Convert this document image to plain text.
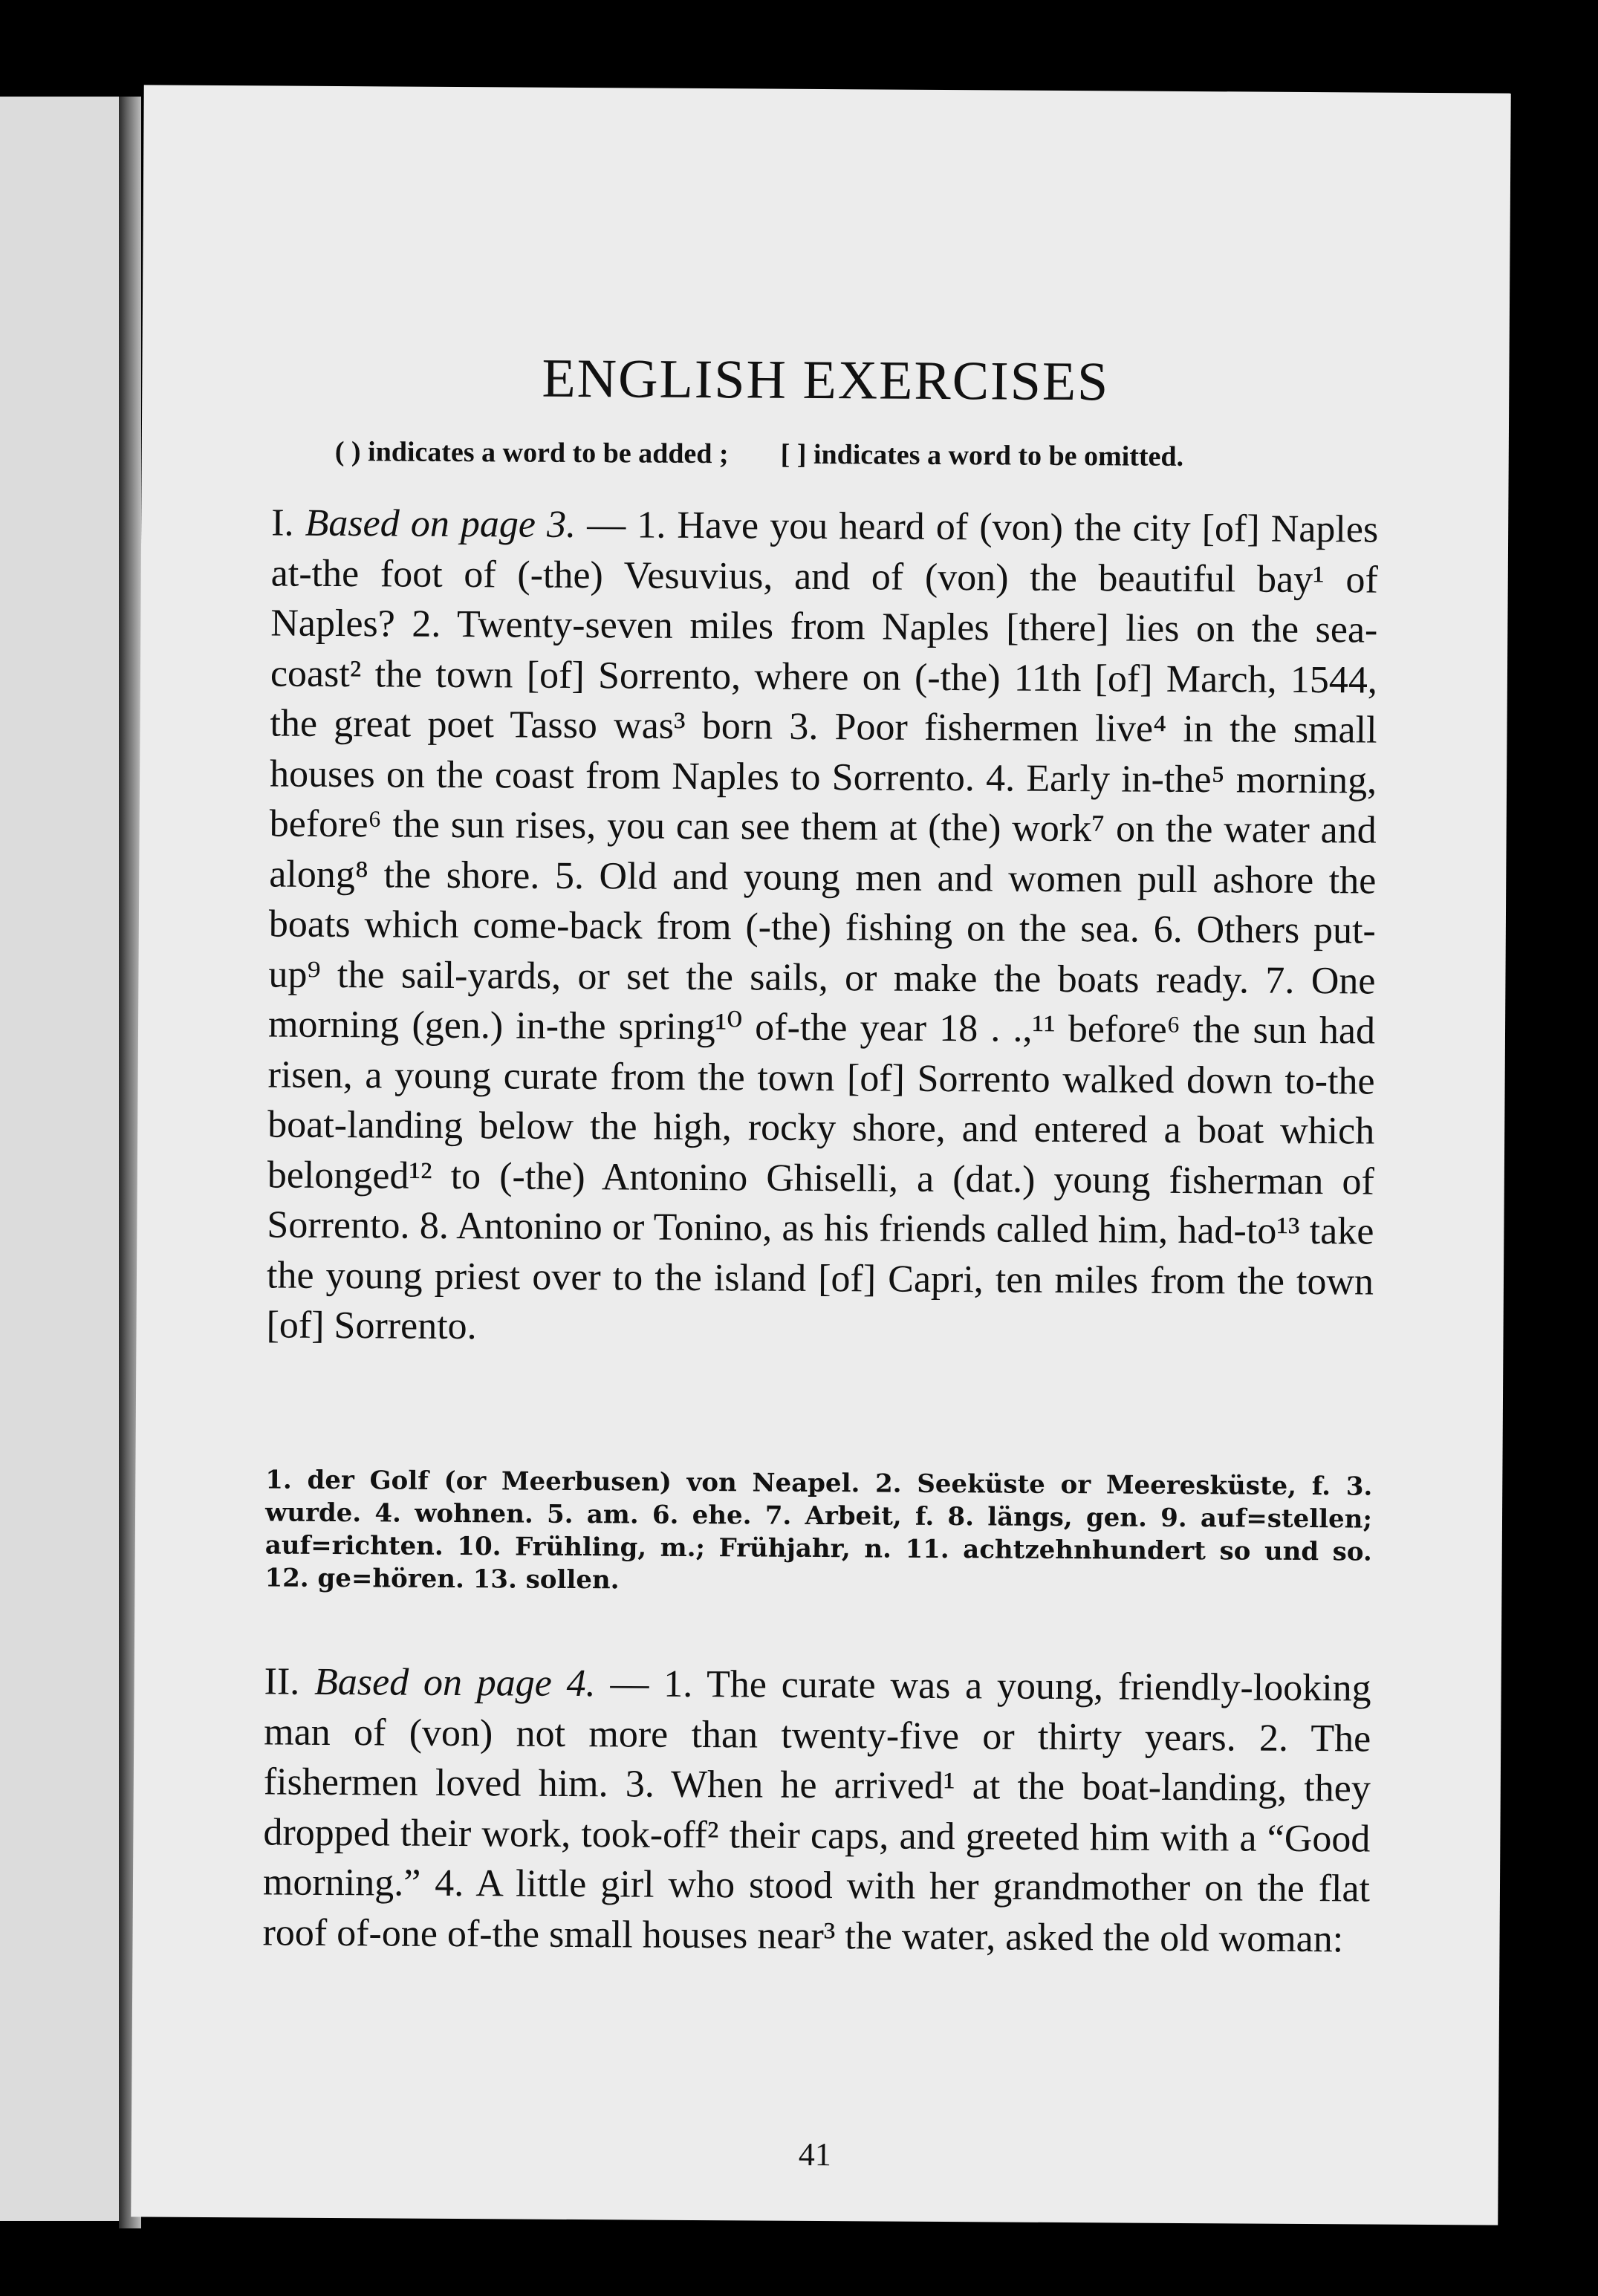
ENGLISH EXERCISES
( ) indicates a word to be added ; [ ] indicates a word to be omitted.
I. Based on page 3. — 1. Have you heard of (von) the city [of] Naples at-the foot of (-the) Vesuvius, and of (von) the beautiful bay¹ of Naples? 2. Twenty-seven miles from Naples [there] lies on the sea-coast² the town [of] Sorrento, where on (-the) 11th [of] March, 1544, the great poet Tasso was³ born 3. Poor fishermen live⁴ in the small houses on the coast from Naples to Sorrento. 4. Early in-the⁵ morning, before⁶ the sun rises, you can see them at (the) work⁷ on the water and along⁸ the shore. 5. Old and young men and women pull ashore the boats which come-back from (-the) fishing on the sea. 6. Others put-up⁹ the sail-yards, or set the sails, or make the boats ready. 7. One morning (gen.) in-the spring¹⁰ of-the year 18 . .,¹¹ before⁶ the sun had risen, a young curate from the town [of] Sorrento walked down to-the boat-landing below the high, rocky shore, and entered a boat which belonged¹² to (-the) Antonino Ghiselli, a (dat.) young fisherman of Sorrento. 8. Antonino or Tonino, as his friends called him, had-to¹³ take the young priest over to the island [of] Capri, ten miles from the town [of] Sorrento.
1. der Golf (or Meerbusen) von Neapel. 2. Seeküste or Meeresküste, f. 3. wurde. 4. wohnen. 5. am. 6. ehe. 7. Arbeit, f. 8. längs, gen. 9. auf=stellen; auf=richten. 10. Frühling, m.; Frühjahr, n. 11. achtzehnhundert so und so. 12. ge=hören. 13. sollen.
II. Based on page 4. — 1. The curate was a young, friendly-looking man of (von) not more than twenty-five or thirty years. 2. The fishermen loved him. 3. When he arrived¹ at the boat-landing, they dropped their work, took-off² their caps, and greeted him with a “Good morning.” 4. A little girl who stood with her grandmother on the flat roof of-one of-the small houses near³ the water, asked the old woman:
41
